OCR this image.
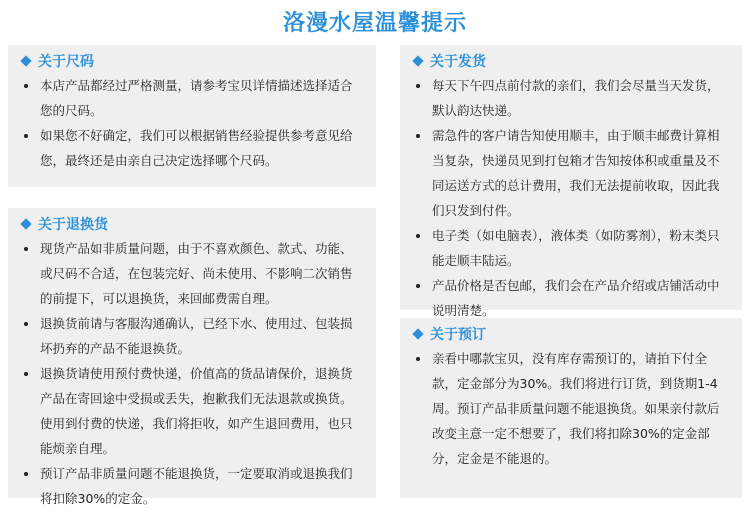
洛漫水屋温馨提示
关于尺码
本店产品都经过严格测量，请参考宝贝详情描述选择适合您的尺码。
如果您不好确定，我们可以根据销售经验提供参考意见给您，最终还是由亲自己决定选择哪个尺码。
关于退换货
现货产品如非质量问题，由于不喜欢颜色、款式、功能、或尺码不合适，在包装完好、尚未使用、不影响二次销售的前提下，可以退换货，来回邮费需自理。
退换货前请与客服沟通确认，已经下水、使用过、包装损坏扔弃的产品不能退换货。
退换货请使用预付费快递，价值高的货品请保价，退换货产品在寄回途中受损或丢失，抱歉我们无法退款或换货。使用到付费的快递，我们将拒收，如产生退回费用，也只能烦亲自理。
预订产品非质量问题不能退换货，一定要取消或退换我们将扣除30%的定金。
关于发货
每天下午四点前付款的亲们，我们会尽量当天发货，默认韵达快递。
需急件的客户请告知使用顺丰，由于顺丰邮费计算相当复杂，快递员见到打包箱才告知按体积或重量及不同运送方式的总计费用，我们无法提前收取，因此我们只发到付件。
电子类（如电脑表），液体类（如防雾剂），粉末类只能走顺丰陆运。
产品价格是否包邮，我们会在产品介绍或店铺活动中说明清楚。
关于预订
亲看中哪款宝贝，没有库存需预订的，请拍下付全款，定金部分为30%。我们将进行订货，到货期1-4周。预订产品非质量问题不能退换货。如果亲付款后改变主意一定不想要了，我们将扣除30%的定金部分，定金是不能退的。
